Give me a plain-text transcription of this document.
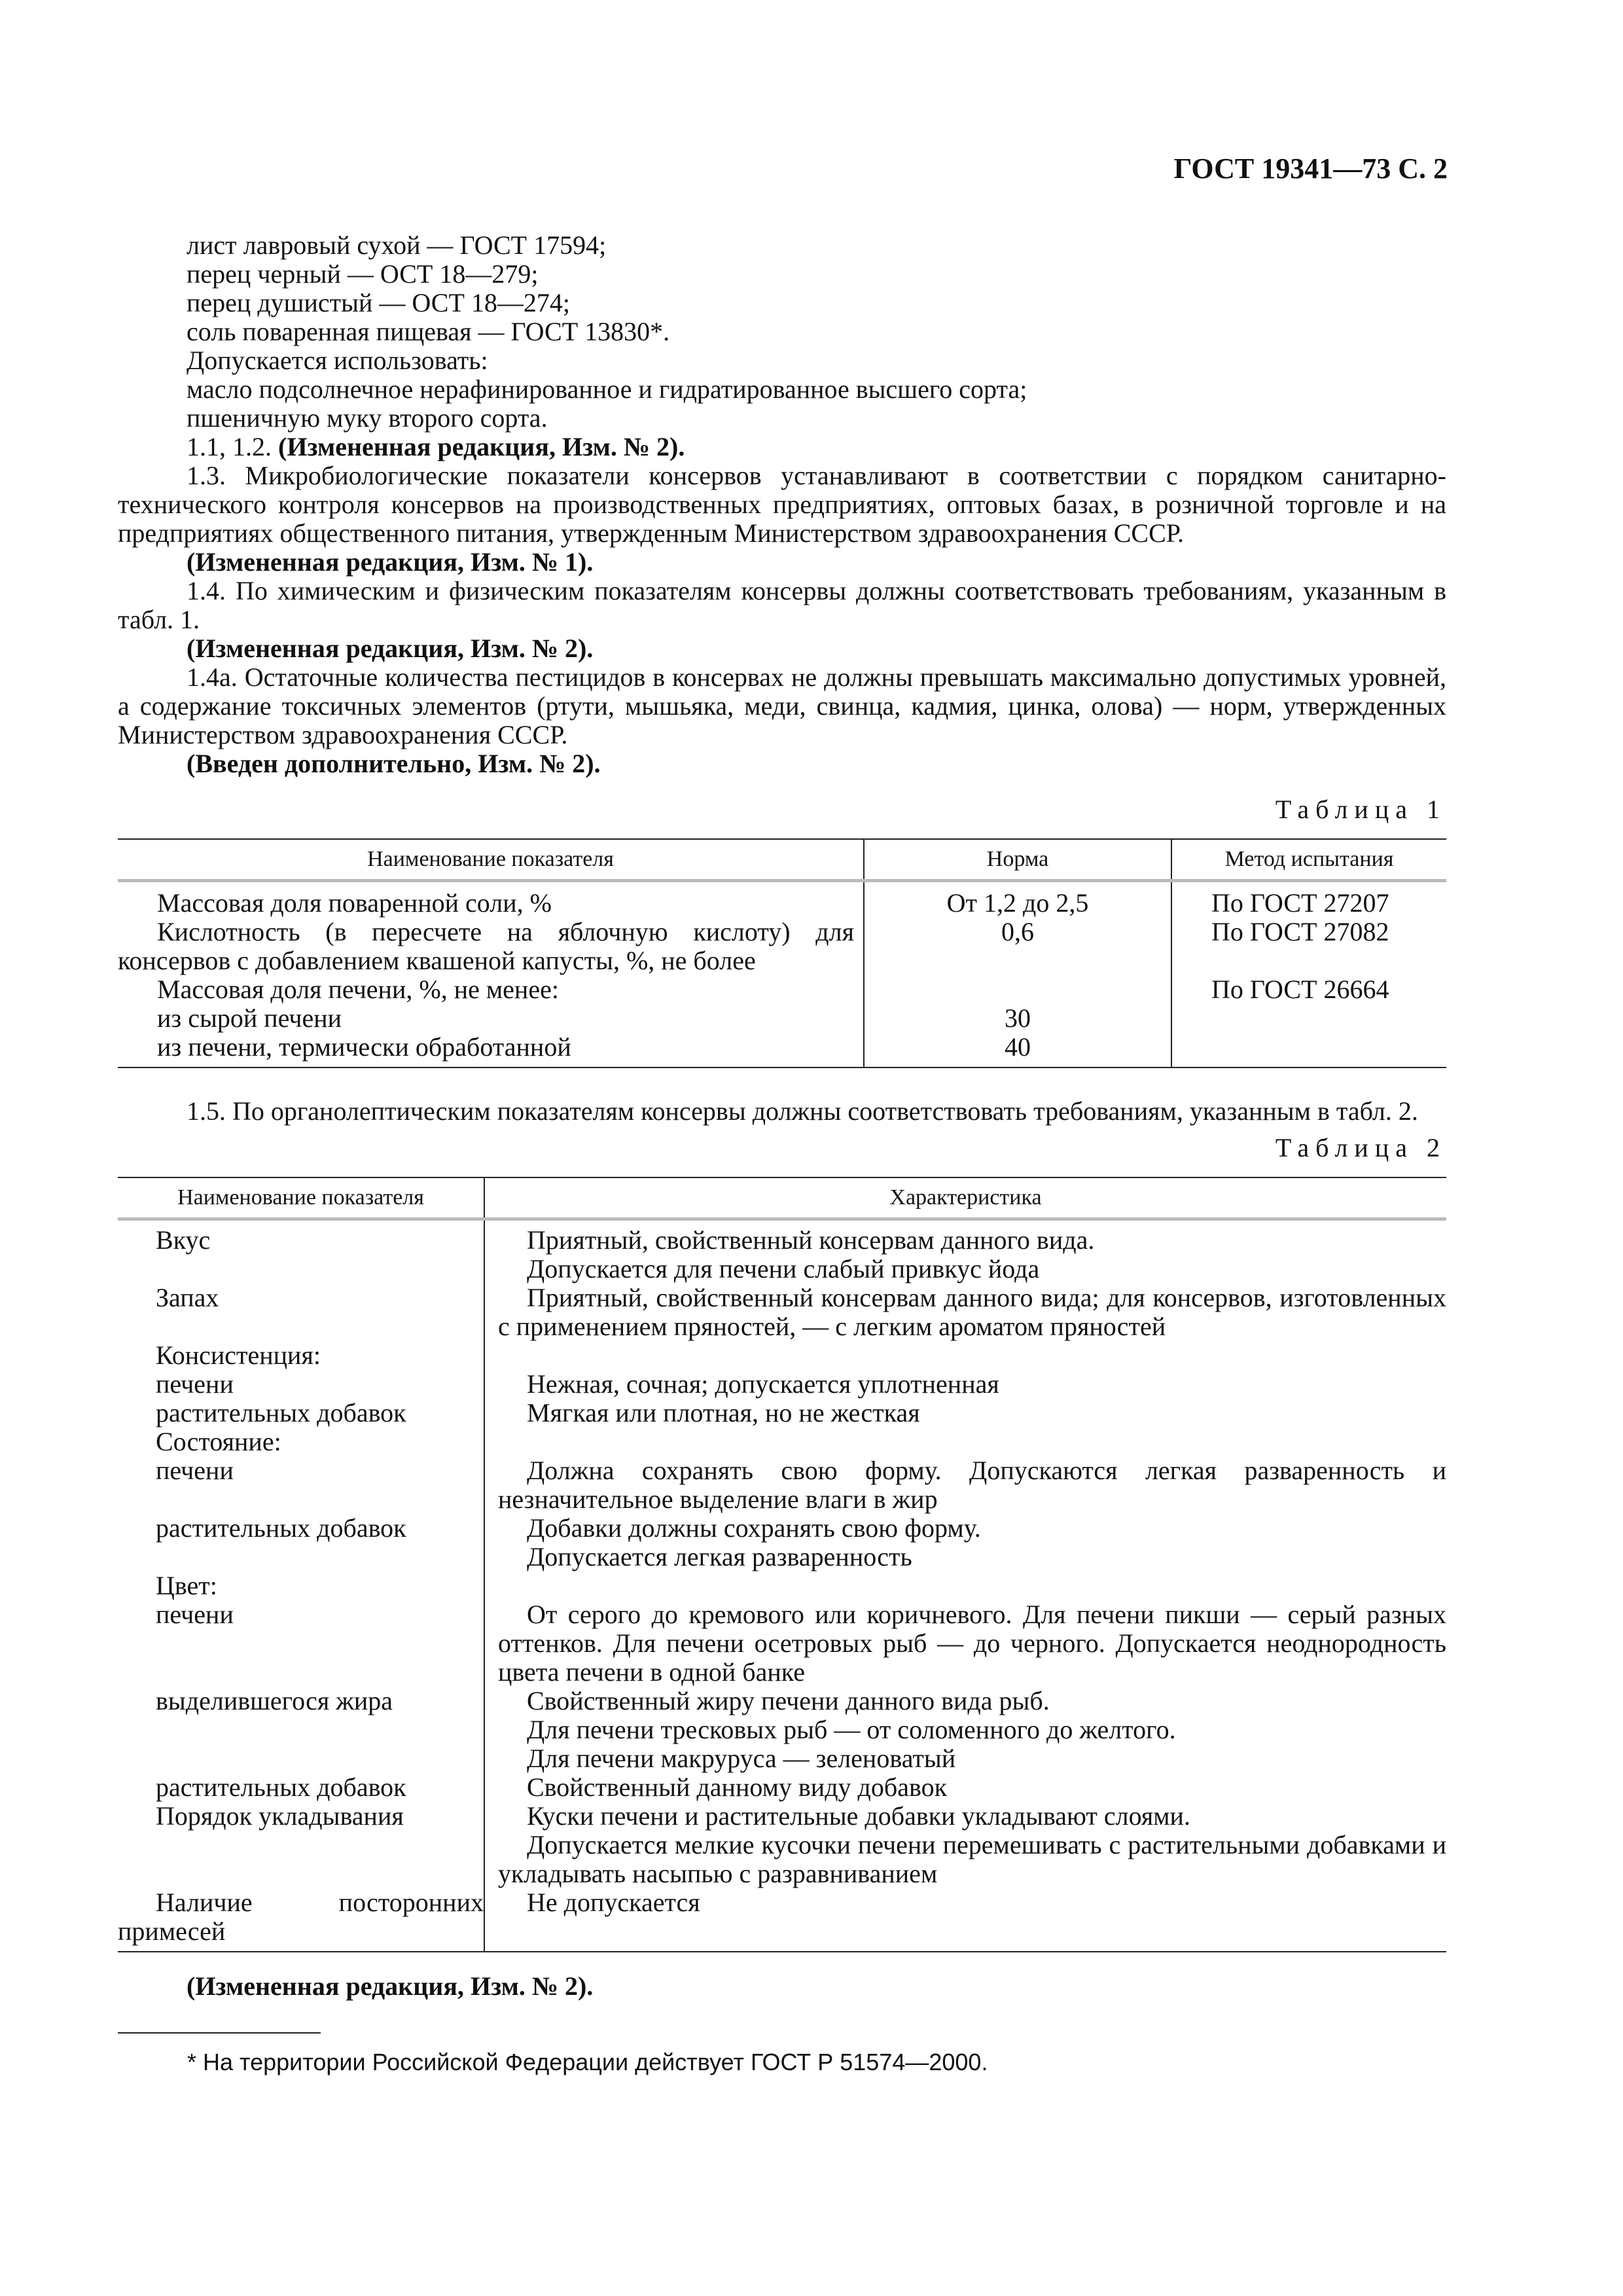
ГОСТ 19341—73 С. 2

лист лавровый сухой — ГОСТ 17594;

перец черный — ОСТ 18—279;

перец душистый — ОСТ 18—274;

соль поваренная пищевая — ГОСТ 13830*.

Допускается использовать:

масло подсолнечное нерафинированное и гидратированное высшего сорта;

пшеничную муку второго сорта.

1.1, 1.2. (Измененная редакция, Изм. № 2).

1.3. Микробиологические показатели консервов устанавливают в соответствии с порядком санитарно-технического контроля консервов на производственных предприятиях, оптовых базах, в розничной торговле и на предприятиях общественного питания, утвержденным Министерством здравоохранения СССР.

(Измененная редакция, Изм. № 1).

1.4. По химическим и физическим показателям консервы должны соответствовать требованиям, указанным в табл. 1.

(Измененная редакция, Изм. № 2).

1.4а. Остаточные количества пестицидов в консервах не должны превышать максимально допустимых уровней, а содержание токсичных элементов (ртути, мышьяка, меди, свинца, кадмия, цинка, олова) — норм, утвержденных Министерством здравоохранения СССР.

(Введен дополнительно, Изм. № 2).

Таблица 1
Наименование показателя	Норма	Метод испытания
Массовая доля поваренной соли, %	От 1,2 до 2,5	По ГОСТ 27207
Кислотность (в пересчете на яблочную кислоту) для консервов с добавлением квашеной капусты, %, не более	0,6	По ГОСТ 27082
Массовая доля печени, %, не менее:		По ГОСТ 26664
из сырой печени	30	
из печени, термически обработанной	40	

1.5. По органолептическим показателям консервы должны соответствовать требованиям, указанным в табл. 2.

Таблица 2
Наименование показателя	Характеристика
Вкус	Приятный, свойственный консервам данного вида.
Допускается для печени слабый привкус йода

Запах	Приятный, свойственный консервам данного вида; для консервов, изготовленных с применением пряностей, — с легким ароматом пряностей

Консистенция:	

печени	Нежная, сочная; допускается уплотненная

растительных добавок	Мягкая или плотная, но не жесткая

Состояние:	

печени	Должна сохранять свою форму. Допускаются легкая разваренность и незначительное выделение влаги в жир

растительных добавок	Добавки должны сохранять свою форму.
Допускается легкая разваренность

Цвет:	

печени	От серого до кремового или коричневого. Для печени пикши — серый разных оттенков. Для печени осетровых рыб — до черного. Допускается неоднородность цвета печени в одной банке

выделившегося жира	Свойственный жиру печени данного вида рыб.
Для печени тресковых рыб — от соломенного до желтого.
Для печени макруруса — зеленоватый

растительных добавок	Свойственный данному виду добавок

Порядок укладывания	Куски печени и растительные добавки укладывают слоями.
Допускается мелкие кусочки печени перемешивать с растительными добавками и укладывать насыпью с разравниванием

Наличие посторонних примесей	Не допускается

(Измененная редакция, Изм. № 2).

* На территории Российской Федерации действует ГОСТ Р 51574—2000.
